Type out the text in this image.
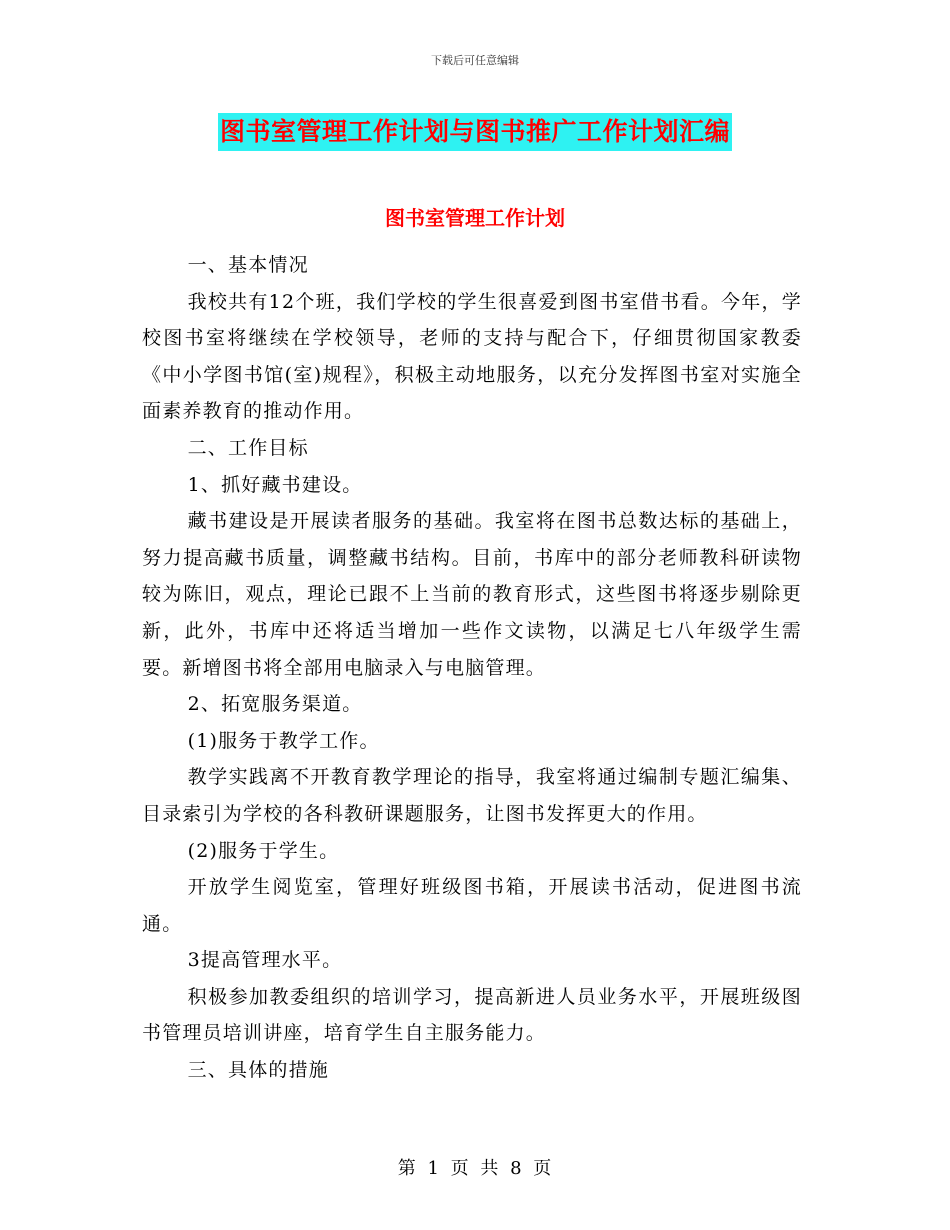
下载后可任意编辑
图书室管理工作计划与图书推广工作计划汇编
图书室管理工作计划

一、基本情况

我校共有12个班，我们学校的学生很喜爱到图书室借书看。今年，学校图书室将继续在学校领导，老师的支持与配合下，仔细贯彻国家教委《中小学图书馆(室)规程》，积极主动地服务，以充分发挥图书室对实施全面素养教育的推动作用。

二、工作目标

1、抓好藏书建设。

藏书建设是开展读者服务的基础。我室将在图书总数达标的基础上，努力提高藏书质量，调整藏书结构。目前，书库中的部分老师教科研读物较为陈旧，观点，理论已跟不上当前的教育形式，这些图书将逐步剔除更新，此外，书库中还将适当增加一些作文读物，以满足七八年级学生需要。新增图书将全部用电脑录入与电脑管理。

2、拓宽服务渠道。

(1)服务于教学工作。

教学实践离不开教育教学理论的指导，我室将通过编制专题汇编集、目录索引为学校的各科教研课题服务，让图书发挥更大的作用。

(2)服务于学生。

开放学生阅览室，管理好班级图书箱，开展读书活动，促进图书流通。

3提高管理水平。

积极参加教委组织的培训学习，提高新进人员业务水平，开展班级图书管理员培训讲座，培育学生自主服务能力。

三、具体的措施

第 1 页 共 8 页
